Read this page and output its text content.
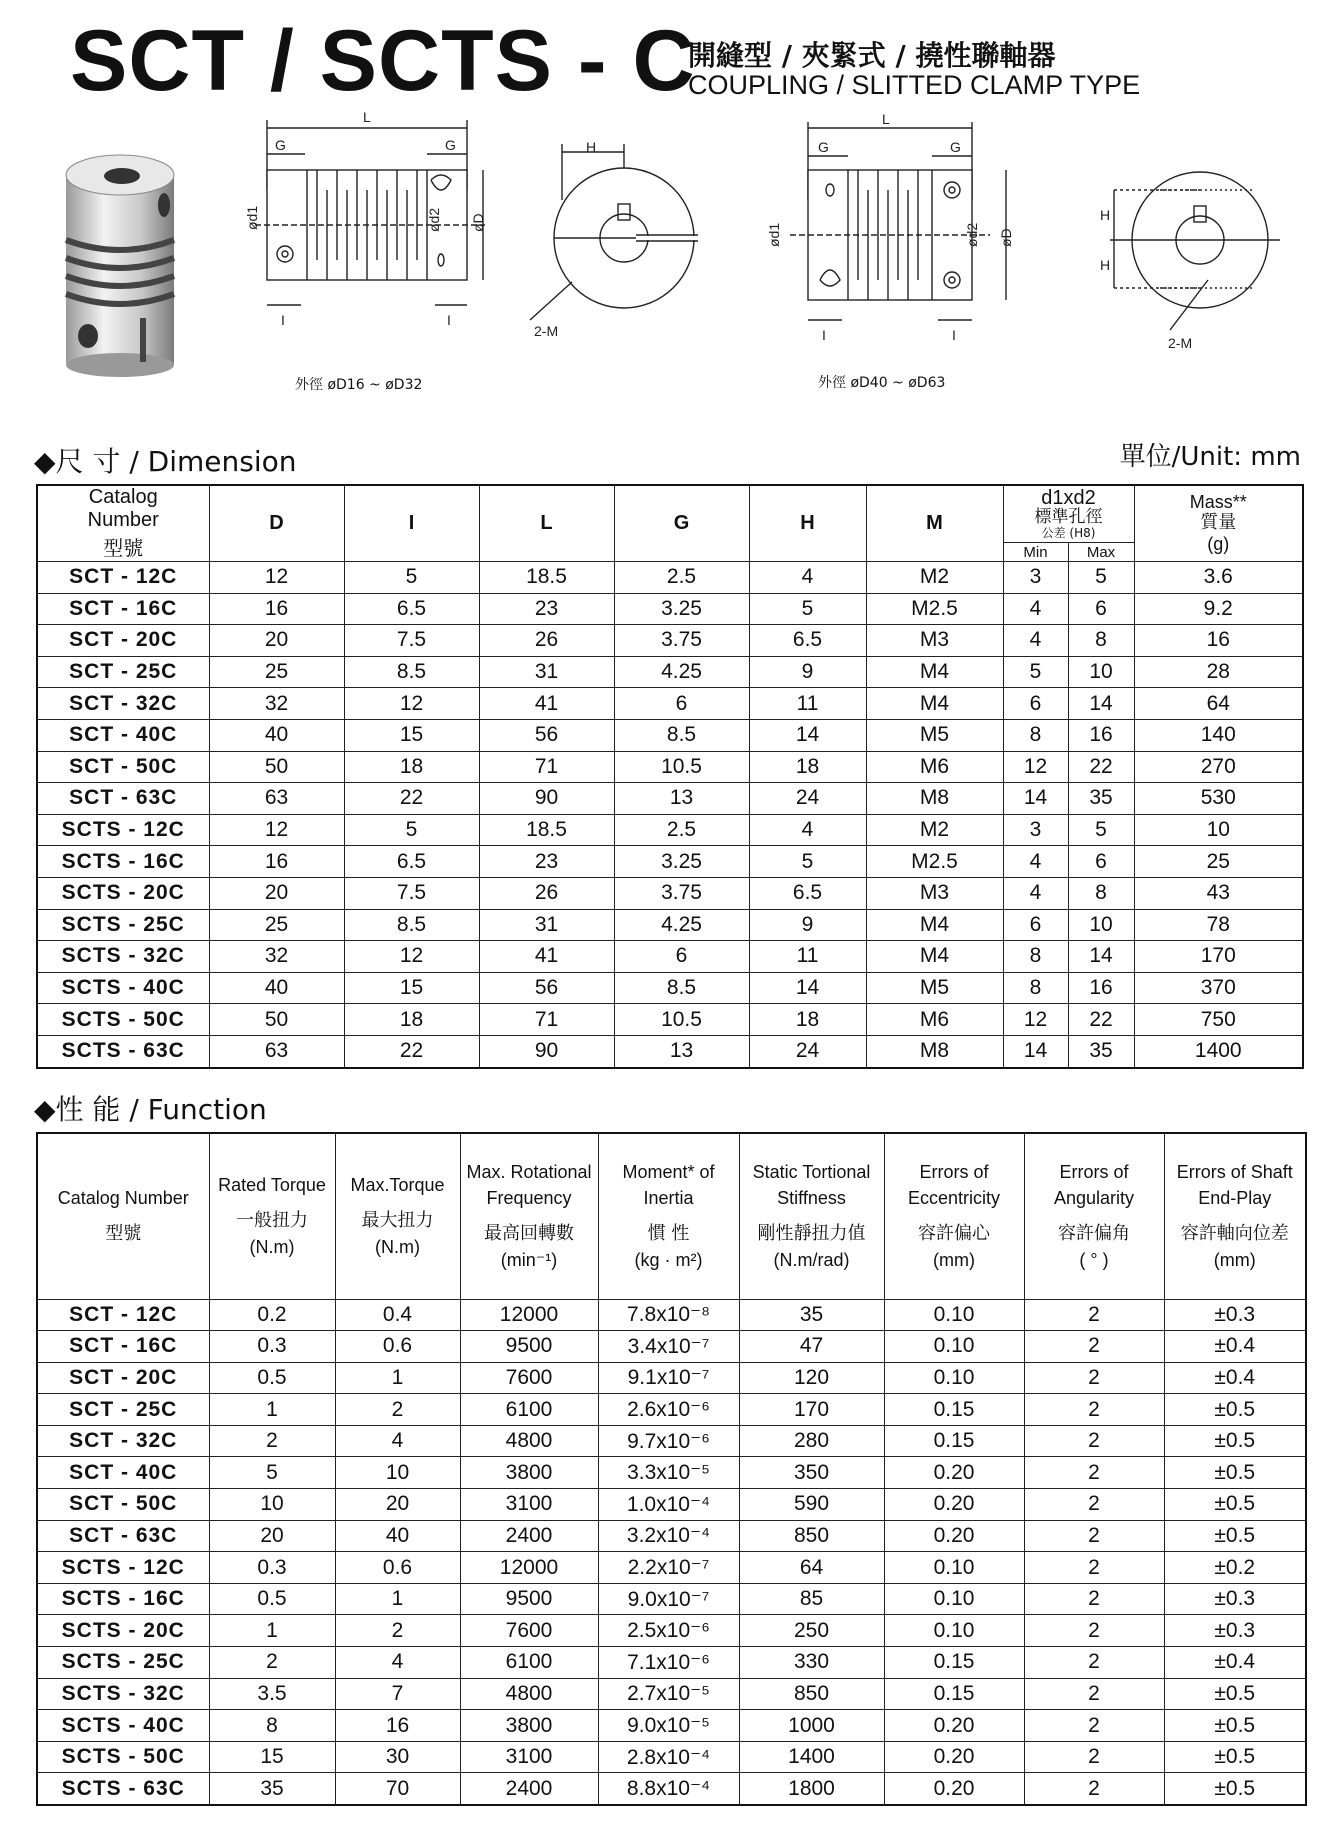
SCT / SCTS - C
開縫型 / 夾緊式 / 撓性聯軸器
COUPLING / SLITTED CLAMP TYPE
L
G	G
I	I
ød1	ød2 øD
2-M
H
L
G	G
I	I
ød1	ød2 øD
H
H
2-M
外徑 øD16 ~ øD32	外徑 øD40 ~ øD63
◆尺 寸 / Dimension	單位/Unit: mm
Catalog
Number
型號	D	I	L	G	H	M	d1xd2
標準孔徑
公差 (H8)		Mass**
質量
(g)

							Min	Max	
SCT - 12C	12	5	18.5	2.5	4	M2	3	5	3.6
SCT - 16C	16	6.5	23	3.25	5	M2.5	4	6	9.2
SCT - 20C	20	7.5	26	3.75	6.5	M3	4	8	16
SCT - 25C	25	8.5	31	4.25	9	M4	5	10	28
SCT - 32C	32	12	41	6	11	M4	6	14	64
SCT - 40C	40	15	56	8.5	14	M5	8	16	140
SCT - 50C	50	18	71	10.5	18	M6	12	22	270
SCT - 63C	63	22	90	13	24	M8	14	35	530
SCTS - 12C	12	5	18.5	2.5	4	M2	3	5	10
SCTS - 16C	16	6.5	23	3.25	5	M2.5	4	6	25
SCTS - 20C	20	7.5	26	3.75	6.5	M3	4	8	43
SCTS - 25C	25	8.5	31	4.25	9	M4	6	10	78
SCTS - 32C	32	12	41	6	11	M4	8	14	170
SCTS - 40C	40	15	56	8.5	14	M5	8	16	370
SCTS - 50C	50	18	71	10.5	18	M6	12	22	750
SCTS - 63C	63	22	90	13	24	M8	14	35	1400
◆性 能 / Function
Catalog Number
型號	Rated Torque
一般扭力
(N.m)	Max.Torque
最大扭力
(N.m)	Max. Rotational Frequency
最高回轉數
(min⁻¹)	Moment* of Inertia
慣 性
(kg · m²)	Static Tortional Stiffness
剛性靜扭力值
(N.m/rad)	Errors of Eccentricity
容許偏心
(mm)	Errors of Angularity
容許偏角
( ° )	Errors of Shaft End-Play
容許軸向位差
(mm)

SCT - 12C	0.2	0.4	12000	7.8x10⁻⁸	35	0.10	2	±0.3
SCT - 16C	0.3	0.6	9500	3.4x10⁻⁷	47	0.10	2	±0.4
SCT - 20C	0.5	1	7600	9.1x10⁻⁷	120	0.10	2	±0.4
SCT - 25C	1	2	6100	2.6x10⁻⁶	170	0.15	2	±0.5
SCT - 32C	2	4	4800	9.7x10⁻⁶	280	0.15	2	±0.5
SCT - 40C	5	10	3800	3.3x10⁻⁵	350	0.20	2	±0.5
SCT - 50C	10	20	3100	1.0x10⁻⁴	590	0.20	2	±0.5
SCT - 63C	20	40	2400	3.2x10⁻⁴	850	0.20	2	±0.5
SCTS - 12C	0.3	0.6	12000	2.2x10⁻⁷	64	0.10	2	±0.2
SCTS - 16C	0.5	1	9500	9.0x10⁻⁷	85	0.10	2	±0.3
SCTS - 20C	1	2	7600	2.5x10⁻⁶	250	0.10	2	±0.3
SCTS - 25C	2	4	6100	7.1x10⁻⁶	330	0.15	2	±0.4
SCTS - 32C	3.5	7	4800	2.7x10⁻⁵	850	0.15	2	±0.5
SCTS - 40C	8	16	3800	9.0x10⁻⁵	1000	0.20	2	±0.5
SCTS - 50C	15	30	3100	2.8x10⁻⁴	1400	0.20	2	±0.5
SCTS - 63C	35	70	2400	8.8x10⁻⁴	1800	0.20	2	±0.5
